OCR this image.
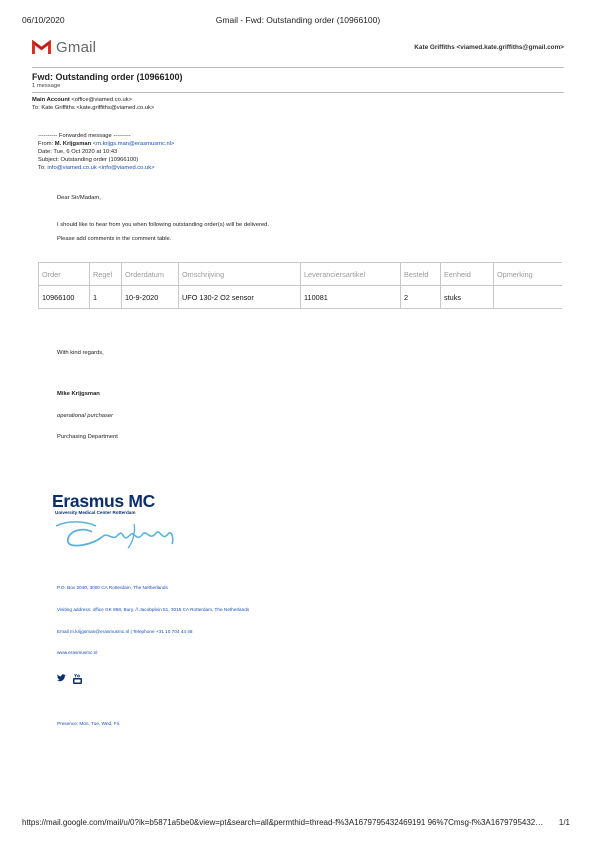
06/10/2020	Gmail - Fwd: Outstanding order (10966100)
Gmail	Kate Griffiths <viamed.kate.griffiths@gmail.com>
Fwd: Outstanding order (10966100)
1 message
Main Account <office@viamed.co.uk>
To: Kate Griffiths <kate.griffiths@viamed.co.uk>
---------- Forwarded message ---------
From: M. Krijgsman <m.krijgs.man@erasmusmc.nl>
Date: Tue, 6 Oct 2020 at 10:43
Subject: Outstanding order (10966100)
To: info@viamed.co.uk <info@viamed.co.uk>
Dear Sir/Madam,
I should like to hear from you when following outstanding order(s) will be delivered.
Please add comments in the comment table.
Order	Regel	Orderdatum	Omschrijving	Leveranciersartikel	Besteld	Eenheid	Opmerking
10966100	1	10-9-2020	UFO 130-2 O2 sensor	110081	2	stuks	
With kind regards,
Mike Krijgsman
operational purchaser
Purchasing Department
Erasmus MC
University Medical Center Rotterdam
P.O. Box 2040, 3000 CA Rotterdam, The Netherlands
Visiting address: office GK 858, Bury, // Jacobplein 51, 3015 CA Rotterdam, The Netherlands
Email m.krijgsman@erasmusmc.nl | Telephone +31 10 704 44 48
www.erasmusmc.nl
Presence: Mon, Tue, Wed, Fri.
https://mail.google.com/mail/u/0?ik=b5871a5be0&view=pt&search=all&permthid=thread-f%3A1679795432469191 96%7Cmsg-f%3A1679795432… 1/1
